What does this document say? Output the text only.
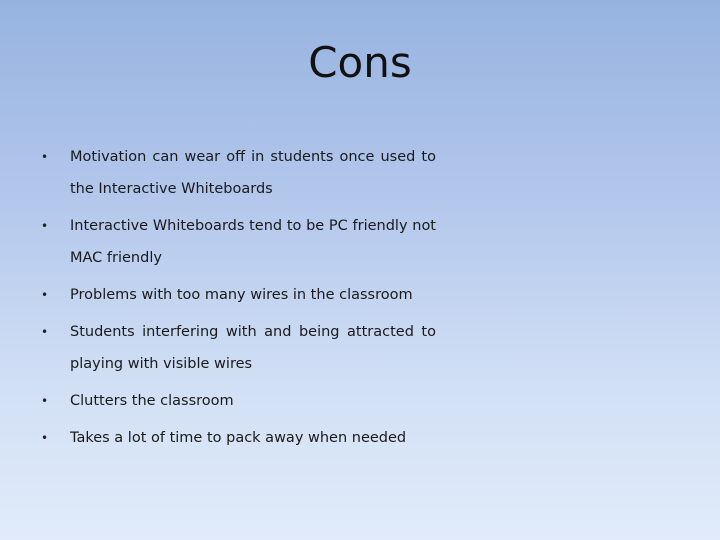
Cons
• Motivation can wear off in students once used to the Interactive Whiteboards
• Interactive Whiteboards tend to be PC friendly not MAC friendly
• Problems with too many wires in the classroom
• Students interfering with and being attracted to playing with visible wires
• Clutters the classroom
• Takes a lot of time to pack away when needed
